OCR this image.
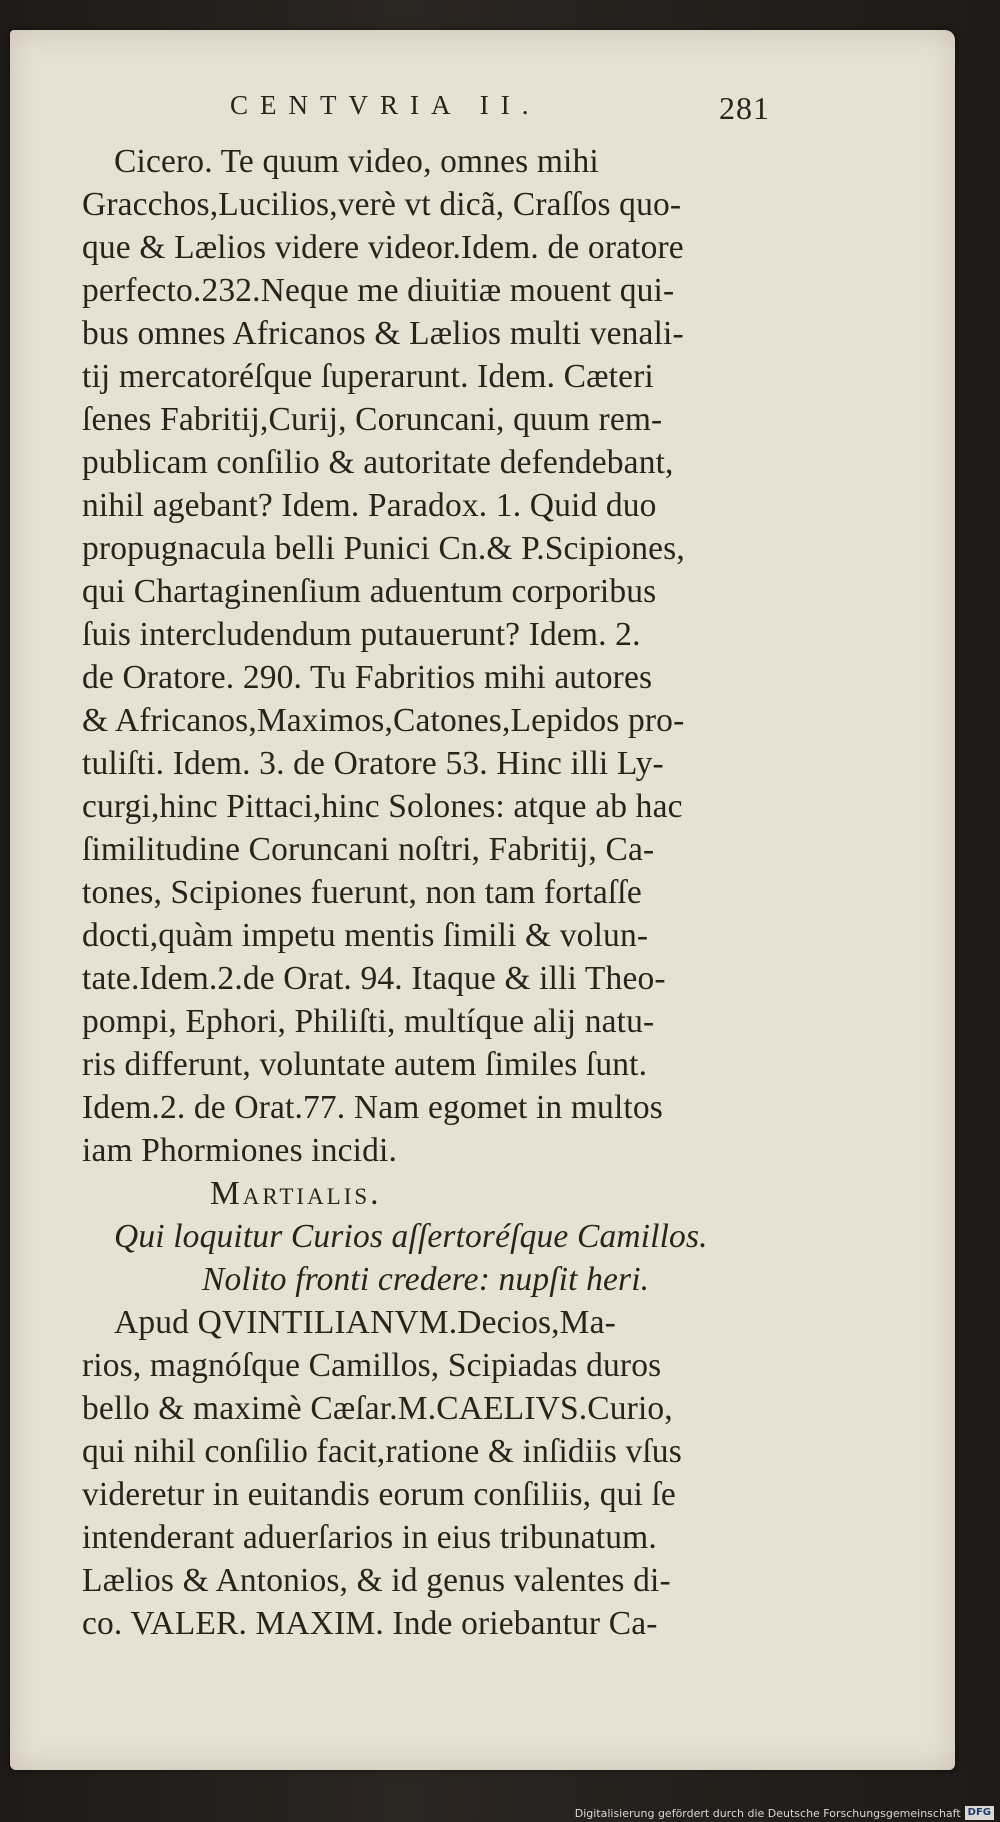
CENTVRIA II.	281
Cicero. Te quum video, omnes mihi
Gracchos,Lucilios,verè vt dicã, Craſſos quo-
que & Lælios videre videor.Idem. de oratore
perfecto.232.Neque me diuitiæ mouent qui-
bus omnes Africanos & Lælios multi venali-
tij mercatoréſque ſuperarunt. Idem. Cæteri
ſenes Fabritij,Curij, Coruncani, quum rem-
publicam conſilio & autoritate defendebant,
nihil agebant? Idem. Paradox. 1. Quid duo
propugnacula belli Punici Cn.& P.Scipiones,
qui Chartaginenſium aduentum corporibus
ſuis intercludendum putauerunt? Idem. 2.
de Oratore. 290. Tu Fabritios mihi autores
& Africanos,Maximos,Catones,Lepidos pro-
tuliſti. Idem. 3. de Oratore 53. Hinc illi Ly-
curgi,hinc Pittaci,hinc Solones: atque ab hac
ſimilitudine Coruncani noſtri, Fabritij, Ca-
tones, Scipiones fuerunt, non tam fortaſſe
docti,quàm impetu mentis ſimili & volun-
tate.Idem.2.de Orat. 94. Itaque & illi Theo-
pompi, Ephori, Philiſti, multíque alij natu-
ris differunt, voluntate autem ſimiles ſunt.
Idem.2. de Orat.77. Nam egomet in multos
iam Phormiones incidi.
Martialis.
Qui loquitur Curios aſſertoréſque Camillos.
Nolito fronti credere: nupſit heri.
Apud QVINTILIANVM.Decios,Ma-
rios, magnóſque Camillos, Scipiadas duros
bello & maximè Cæſar.M.CAELIVS.Curio,
qui nihil conſilio facit,ratione & inſidiis vſus
videretur in euitandis eorum conſiliis, qui ſe
intenderant aduerſarios in eius tribunatum.
Lælios & Antonios, & id genus valentes di-
co. VALER. MAXIM. Inde oriebantur Ca-
Digitalisierung gefördert durch die Deutsche Forschungsgemeinschaft DFG
